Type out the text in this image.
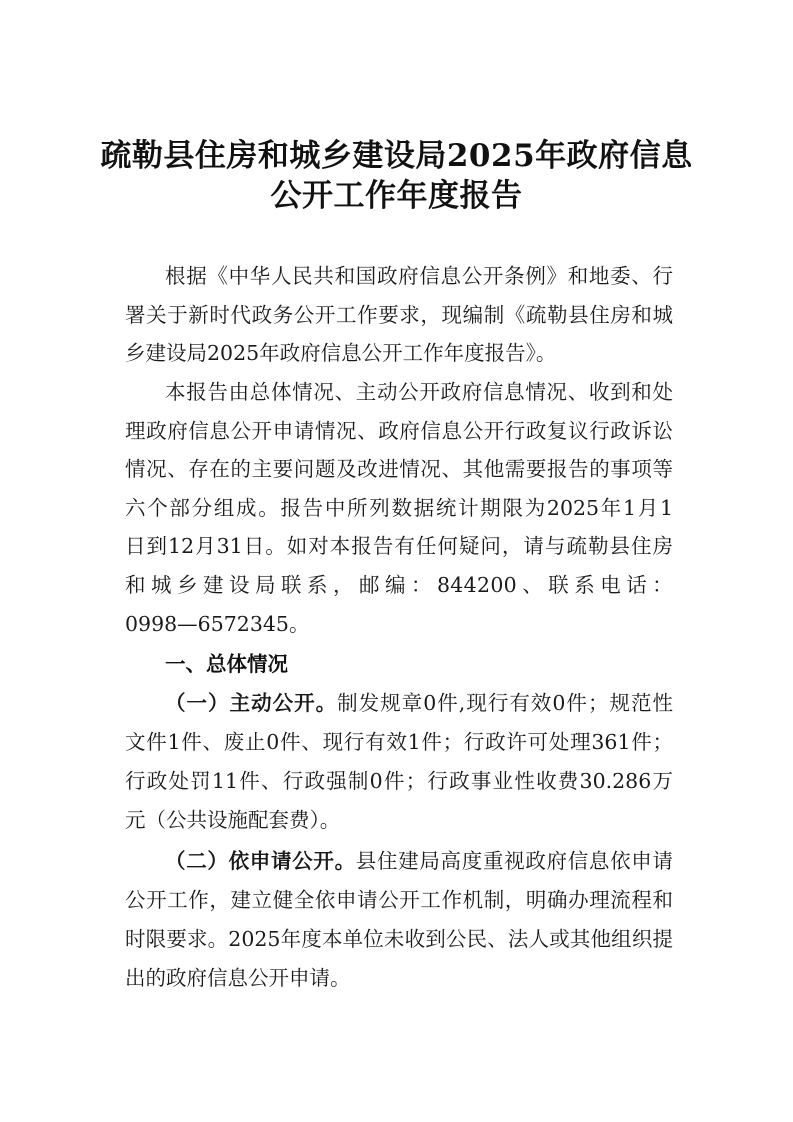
疏勒县住房和城乡建设局2025年政府信息
公开工作年度报告
根据《中华人民共和国政府信息公开条例》和地委、行
署关于新时代政务公开工作要求，现编制《疏勒县住房和城
乡建设局2025年政府信息公开工作年度报告》。
本报告由总体情况、主动公开政府信息情况、收到和处
理政府信息公开申请情况、政府信息公开行政复议行政诉讼
情况、存在的主要问题及改进情况、其他需要报告的事项等
六个部分组成。报告中所列数据统计期限为2025年1月1
日到12月31日。如对本报告有任何疑问，请与疏勒县住房
和城乡建设局联系，邮编：844200、联系电话：
0998—6572345。
一、总体情况
（一）主动公开。制发规章0件,现行有效0件；规范性
文件1件、废止0件、现行有效1件；行政许可处理361件；
行政处罚11件、行政强制0件；行政事业性收费30.286万
元（公共设施配套费）。
（二）依申请公开。县住建局高度重视政府信息依申请
公开工作，建立健全依申请公开工作机制，明确办理流程和
时限要求。2025年度本单位未收到公民、法人或其他组织提
出的政府信息公开申请。
